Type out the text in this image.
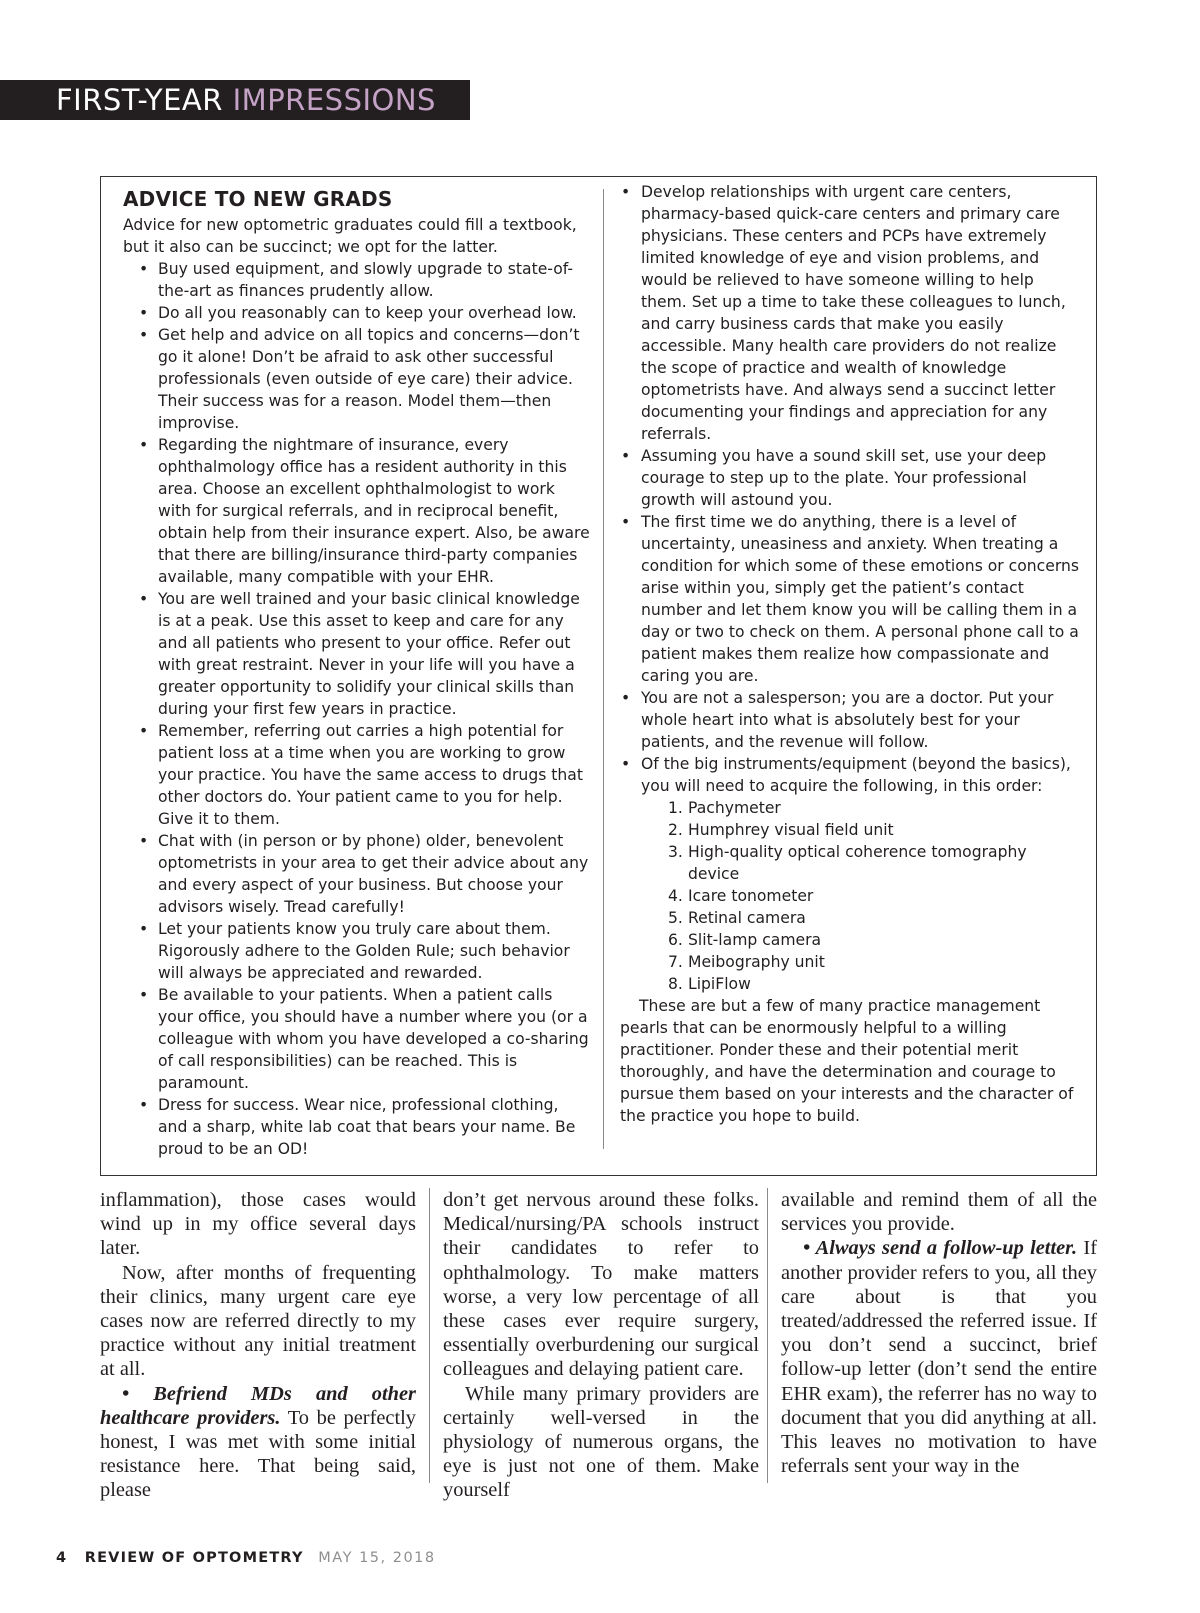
FIRST-YEAR IMPRESSIONS
ADVICE TO NEW GRADS

Advice for new optometric graduates could fill a textbook, but it also can be succinct; we opt for the latter.

• Buy used equipment, and slowly upgrade to state-of-the-art as finances prudently allow.
• Do all you reasonably can to keep your overhead low.
• Get help and advice on all topics and concerns—don’t go it alone! Don’t be afraid to ask other successful professionals (even outside of eye care) their advice. Their success was for a reason. Model them—then improvise.
• Regarding the nightmare of insurance, every ophthalmology office has a resident authority in this area. Choose an excellent ophthalmologist to work with for surgical referrals, and in reciprocal benefit, obtain help from their insurance expert. Also, be aware that there are billing/insurance third-party companies available, many compatible with your EHR.
• You are well trained and your basic clinical knowledge is at a peak. Use this asset to keep and care for any and all patients who present to your office. Refer out with great restraint. Never in your life will you have a greater opportunity to solidify your clinical skills than during your first few years in practice.
• Remember, referring out carries a high potential for patient loss at a time when you are working to grow your practice. You have the same access to drugs that other doctors do. Your patient came to you for help. Give it to them.
• Chat with (in person or by phone) older, benevolent optometrists in your area to get their advice about any and every aspect of your business. But choose your advisors wisely. Tread carefully!
• Let your patients know you truly care about them. Rigorously adhere to the Golden Rule; such behavior will always be appreciated and rewarded.
• Be available to your patients. When a patient calls your office, you should have a number where you (or a colleague with whom you have developed a co-sharing of call responsibilities) can be reached. This is paramount.
• Dress for success. Wear nice, professional clothing, and a sharp, white lab coat that bears your name. Be proud to be an OD!
• Develop relationships with urgent care centers, pharmacy-based quick-care centers and primary care physicians. These centers and PCPs have extremely limited knowledge of eye and vision problems, and would be relieved to have someone willing to help them. Set up a time to take these colleagues to lunch, and carry business cards that make you easily accessible. Many health care providers do not realize the scope of practice and wealth of knowledge optometrists have. And always send a succinct letter documenting your findings and appreciation for any referrals.
• Assuming you have a sound skill set, use your deep courage to step up to the plate. Your professional growth will astound you.
• The first time we do anything, there is a level of uncertainty, uneasiness and anxiety. When treating a condition for which some of these emotions or concerns arise within you, simply get the patient’s contact number and let them know you will be calling them in a day or two to check on them. A personal phone call to a patient makes them realize how compassionate and caring you are.
• You are not a salesperson; you are a doctor. Put your whole heart into what is absolutely best for your patients, and the revenue will follow.
• Of the big instruments/equipment (beyond the basics), you will need to acquire the following, in this order:
1. Pachymeter
2. Humphrey visual field unit
3. High-quality optical coherence tomography device
4. Icare tonometer
5. Retinal camera
6. Slit-lamp camera
7. Meibography unit
8. LipiFlow

These are but a few of many practice management pearls that can be enormously helpful to a willing practitioner. Ponder these and their potential merit thoroughly, and have the determination and courage to pursue them based on your interests and the character of the practice you hope to build.

inflammation), those cases would wind up in my office several days later.

Now, after months of frequenting their clinics, many urgent care eye cases now are referred directly to my practice without any initial treatment at all.

• Befriend MDs and other healthcare providers. To be perfectly honest, I was met with some initial resistance here. That being said, please

don’t get nervous around these folks. Medical/nursing/PA schools instruct their candidates to refer to ophthalmology. To make matters worse, a very low percentage of all these cases ever require surgery, essentially overburdening our surgical colleagues and delaying patient care.

While many primary providers are certainly well-versed in the physiology of numerous organs, the eye is just not one of them. Make yourself

available and remind them of all the services you provide.

• Always send a follow-up letter. If another provider refers to you, all they care about is that you treated/addressed the referred issue. If you don’t send a succinct, brief follow-up letter (don’t send the entire EHR exam), the referrer has no way to document that you did anything at all. This leaves no motivation to have referrals sent your way in the

4 REVIEW OF OPTOMETRY MAY 15, 2018
